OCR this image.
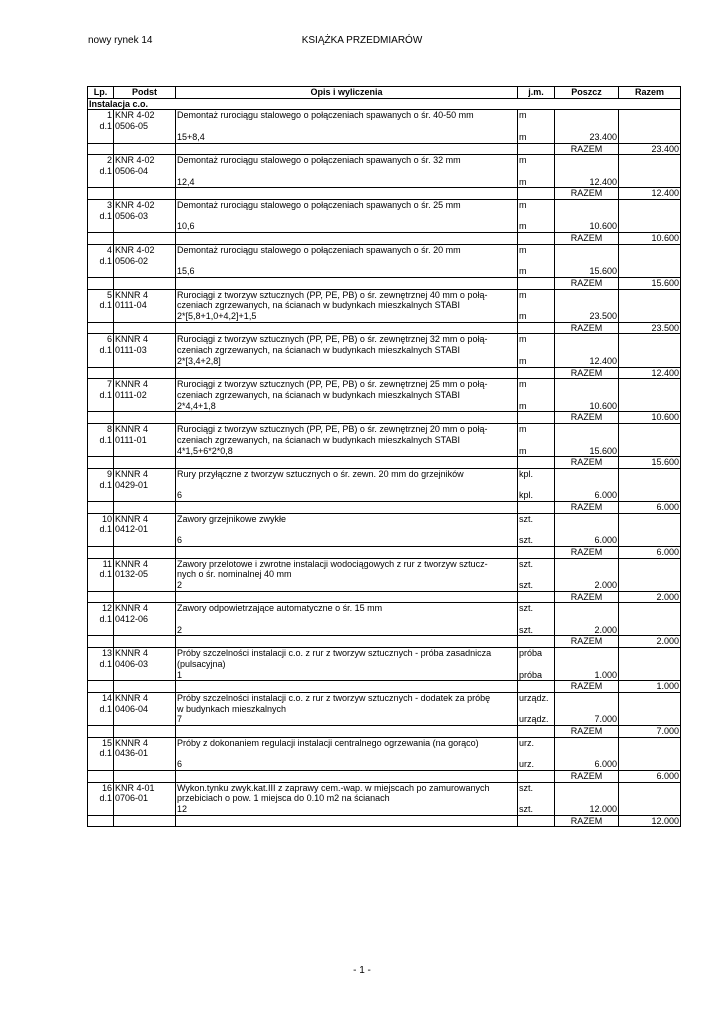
nowy rynek 14	KSIĄŻKA PRZEDMIARÓW
Lp.	Podst	Opis i wyliczenia	j.m.	Poszcz	Razem
Instalacja c.o.					
1	KNR 4-02	Demontaż rurociągu stalowego o połączeniach spawanych o śr. 40-50 mm	m		
d.1	0506-05				
		15+8,4	m	23.400	
				RAZEM	23.400
2	KNR 4-02	Demontaż rurociągu stalowego o połączeniach spawanych o śr. 32 mm	m		
d.1	0506-04				
		12,4	m	12.400	
				RAZEM	12.400
3	KNR 4-02	Demontaż rurociągu stalowego o połączeniach spawanych o śr. 25 mm	m		
d.1	0506-03				
		10,6	m	10.600	
				RAZEM	10.600
4	KNR 4-02	Demontaż rurociągu stalowego o połączeniach spawanych o śr. 20 mm	m		
d.1	0506-02				
		15,6	m	15.600	
				RAZEM	15.600
5	KNNR 4	Rurociągi z tworzyw sztucznych (PP, PE, PB) o śr. zewnętrznej 40 mm o połą-	m		
d.1	0111-04	czeniach zgrzewanych, na ścianach w budynkach mieszkalnych STABI			
		2*[5,8+1,0+4,2]+1,5	m	23.500	
				RAZEM	23.500
6	KNNR 4	Rurociągi z tworzyw sztucznych (PP, PE, PB) o śr. zewnętrznej 32 mm o połą-	m		
d.1	0111-03	czeniach zgrzewanych, na ścianach w budynkach mieszkalnych STABI			
		2*[3,4+2,8]	m	12.400	
				RAZEM	12.400
7	KNNR 4	Rurociągi z tworzyw sztucznych (PP, PE, PB) o śr. zewnętrznej 25 mm o połą-	m		
d.1	0111-02	czeniach zgrzewanych, na ścianach w budynkach mieszkalnych STABI			
		2*4,4+1,8	m	10.600	
				RAZEM	10.600
8	KNNR 4	Rurociągi z tworzyw sztucznych (PP, PE, PB) o śr. zewnętrznej 20 mm o połą-	m		
d.1	0111-01	czeniach zgrzewanych, na ścianach w budynkach mieszkalnych STABI			
		4*1,5+6*2*0,8	m	15.600	
				RAZEM	15.600
9	KNNR 4	Rury przyłączne z tworzyw sztucznych o śr. zewn. 20 mm do grzejników	kpl.		
d.1	0429-01				
		6	kpl.	6.000	
				RAZEM	6.000
10	KNNR 4	Zawory grzejnikowe zwykłe	szt.		
d.1	0412-01				
		6	szt.	6.000	
				RAZEM	6.000
11	KNNR 4	Zawory przelotowe i zwrotne instalacji wodociągowych z rur z tworzyw sztucz-	szt.		
d.1	0132-05	nych o śr. nominalnej 40 mm			
		2	szt.	2.000	
				RAZEM	2.000
12	KNNR 4	Zawory odpowietrzające automatyczne o śr. 15 mm	szt.		
d.1	0412-06				
		2	szt.	2.000	
				RAZEM	2.000
13	KNNR 4	Próby szczelności instalacji c.o. z rur z tworzyw sztucznych - próba zasadnicza	próba		
d.1	0406-03	(pulsacyjna)			
		1	próba	1.000	
				RAZEM	1.000
14	KNNR 4	Próby szczelności instalacji c.o. z rur z tworzyw sztucznych - dodatek za próbę	urządz.		
d.1	0406-04	w budynkach mieszkalnych			
		7	urządz.	7.000	
				RAZEM	7.000
15	KNNR 4	Próby z dokonaniem regulacji instalacji centralnego ogrzewania (na gorąco)	urz.		
d.1	0436-01				
		6	urz.	6.000	
				RAZEM	6.000
16	KNR 4-01	Wykon.tynku zwyk.kat.III z zaprawy cem.-wap. w miejscach po zamurowanych	szt.		
d.1	0706-01	przebiciach o pow. 1 miejsca do 0.10 m2 na ścianach			
		12	szt.	12.000	
				RAZEM	12.000
- 1 -
